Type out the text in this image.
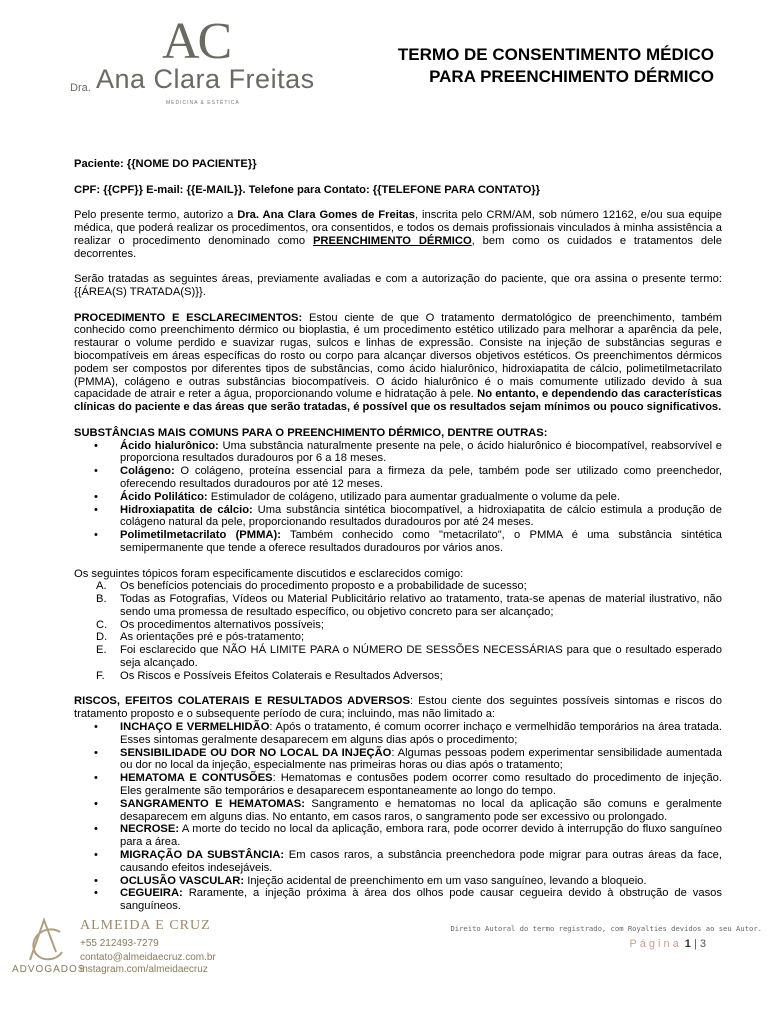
AC
Dra. Ana Clara Freitas
MEDICINA & ESTÉTICA
TERMO DE CONSENTIMENTO MÉDICO
PARA PREENCHIMENTO DÉRMICO

Paciente: {{NOME DO PACIENTE}}

CPF: {{CPF}} E-mail: {{E-MAIL}}. Telefone para Contato: {{TELEFONE PARA CONTATO}}

Pelo presente termo, autorizo a Dra. Ana Clara Gomes de Freitas, inscrita pelo CRM/AM, sob número 12162, e/ou sua equipe médica, que poderá realizar os procedimentos, ora consentidos, e todos os demais profissionais vinculados à minha assistência a realizar o procedimento denominado como PREENCHIMENTO DÉRMICO, bem como os cuidados e tratamentos dele decorrentes.

Serão tratadas as seguintes áreas, previamente avaliadas e com a autorização do paciente, que ora assina o presente termo: {{ÁREA(S) TRATADA(S)}}.

PROCEDIMENTO E ESCLARECIMENTOS: Estou ciente de que O tratamento dermatológico de preenchimento, também conhecido como preenchimento dérmico ou bioplastia, é um procedimento estético utilizado para melhorar a aparência da pele, restaurar o volume perdido e suavizar rugas, sulcos e linhas de expressão. Consiste na injeção de substâncias seguras e biocompatíveis em áreas específicas do rosto ou corpo para alcançar diversos objetivos estéticos. Os preenchimentos dérmicos podem ser compostos por diferentes tipos de substâncias, como ácido hialurônico, hidroxiapatita de cálcio, polimetilmetacrilato (PMMA), colágeno e outras substâncias biocompatíveis. O ácido hialurônico é o mais comumente utilizado devido à sua capacidade de atrair e reter a água, proporcionando volume e hidratação à pele. No entanto, e dependendo das características clínicas do paciente e das áreas que serão tratadas, é possível que os resultados sejam mínimos ou pouco significativos.

SUBSTÂNCIAS MAIS COMUNS PARA O PREENCHIMENTO DÉRMICO, DENTRE OUTRAS:

• Ácido hialurônico: Uma substância naturalmente presente na pele, o ácido hialurônico é biocompatível, reabsorvível e proporciona resultados duradouros por 6 a 18 meses.
• Colágeno: O colágeno, proteína essencial para a firmeza da pele, também pode ser utilizado como preenchedor, oferecendo resultados duradouros por até 12 meses.
• Ácido Polilático: Estimulador de colágeno, utilizado para aumentar gradualmente o volume da pele.
• Hidroxiapatita de cálcio: Uma substância sintética biocompatível, a hidroxiapatita de cálcio estimula a produção de colágeno natural da pele, proporcionando resultados duradouros por até 24 meses.
• Polimetilmetacrilato (PMMA): Também conhecido como "metacrilato", o PMMA é uma substância sintética semipermanente que tende a oferece resultados duradouros por vários anos.

Os seguintes tópicos foram especificamente discutidos e esclarecidos comigo:

A. Os benefícios potenciais do procedimento proposto e a probabilidade de sucesso;
B. Todas as Fotografias, Vídeos ou Material Publicitário relativo ao tratamento, trata-se apenas de material ilustrativo, não sendo uma promessa de resultado específico, ou objetivo concreto para ser alcançado;
C. Os procedimentos alternativos possíveis;
D. As orientações pré e pós-tratamento;
E. Foi esclarecido que NÃO HÁ LIMITE PARA o NÚMERO DE SESSÕES NECESSÁRIAS para que o resultado esperado seja alcançado.
F. Os Riscos e Possíveis Efeitos Colaterais e Resultados Adversos;

RISCOS, EFEITOS COLATERAIS E RESULTADOS ADVERSOS: Estou ciente dos seguintes possíveis sintomas e riscos do tratamento proposto e o subsequente período de cura; incluindo, mas não limitado a:

• INCHAÇO E VERMELHIDÃO: Após o tratamento, é comum ocorrer inchaço e vermelhidão temporários na área tratada. Esses sintomas geralmente desaparecem em alguns dias após o procedimento;
• SENSIBILIDADE OU DOR NO LOCAL DA INJEÇÃO: Algumas pessoas podem experimentar sensibilidade aumentada ou dor no local da injeção, especialmente nas primeiras horas ou dias após o tratamento;
• HEMATOMA E CONTUSÕES: Hematomas e contusões podem ocorrer como resultado do procedimento de injeção. Eles geralmente são temporários e desaparecem espontaneamente ao longo do tempo.
• SANGRAMENTO E HEMATOMAS: Sangramento e hematomas no local da aplicação são comuns e geralmente desaparecem em alguns dias. No entanto, em casos raros, o sangramento pode ser excessivo ou prolongado.
• NECROSE: A morte do tecido no local da aplicação, embora rara, pode ocorrer devido à interrupção do fluxo sanguíneo para a área.
• MIGRAÇÃO DA SUBSTÂNCIA: Em casos raros, a substância preenchedora pode migrar para outras áreas da face, causando efeitos indesejáveis.
• OCLUSÃO VASCULAR: Injeção acidental de preenchimento em um vaso sanguíneo, levando a bloqueio.
• CEGUEIRA: Raramente, a injeção próxima à área dos olhos pode causar cegueira devido à obstrução de vasos sanguíneos.
ALMEIDA E CRUZ
+55 212493-7279
contato@almeidaecruz.com.br
instagram.com/almeidaecruz
ADVOGADOS
Direito Autoral do termo registrado, com Royalties devidos ao seu Autor.
Página 1 | 3
